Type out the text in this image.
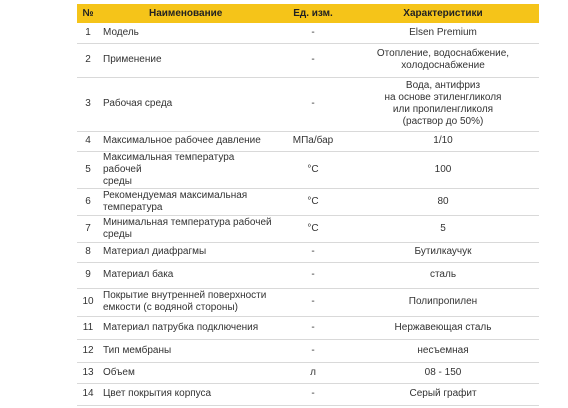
№	Наименование	Ед. изм.	Характеристики
1	Модель	-	Elsen Premium

2	Применение	-	Отопление, водоснабжение,
холодоснабжение

3	Рабочая среда	-	Вода, антифриз
на основе этиленгликоля
или пропиленгликоля
(раствор до 50%)

4	Максимальное рабочее давление	МПа/бар	1/10

5	Максимальная температура рабочей
среды	°С	100

6	Рекомендуемая максимальная
температура	°С	80

7	Минимальная температура рабочей
среды	°С	5

8	Материал диафрагмы	-	Бутилкаучук

9	Материал бака	-	сталь

10	Покрытие внутренней поверхности
емкости (с водяной стороны)	-	Полипропилен

11	Материал патрубка подключения	-	Нержавеющая сталь

12	Тип мембраны	-	несъемная

13	Объем	л	08 - 150

14	Цвет покрытия корпуса	-	Серый графит
